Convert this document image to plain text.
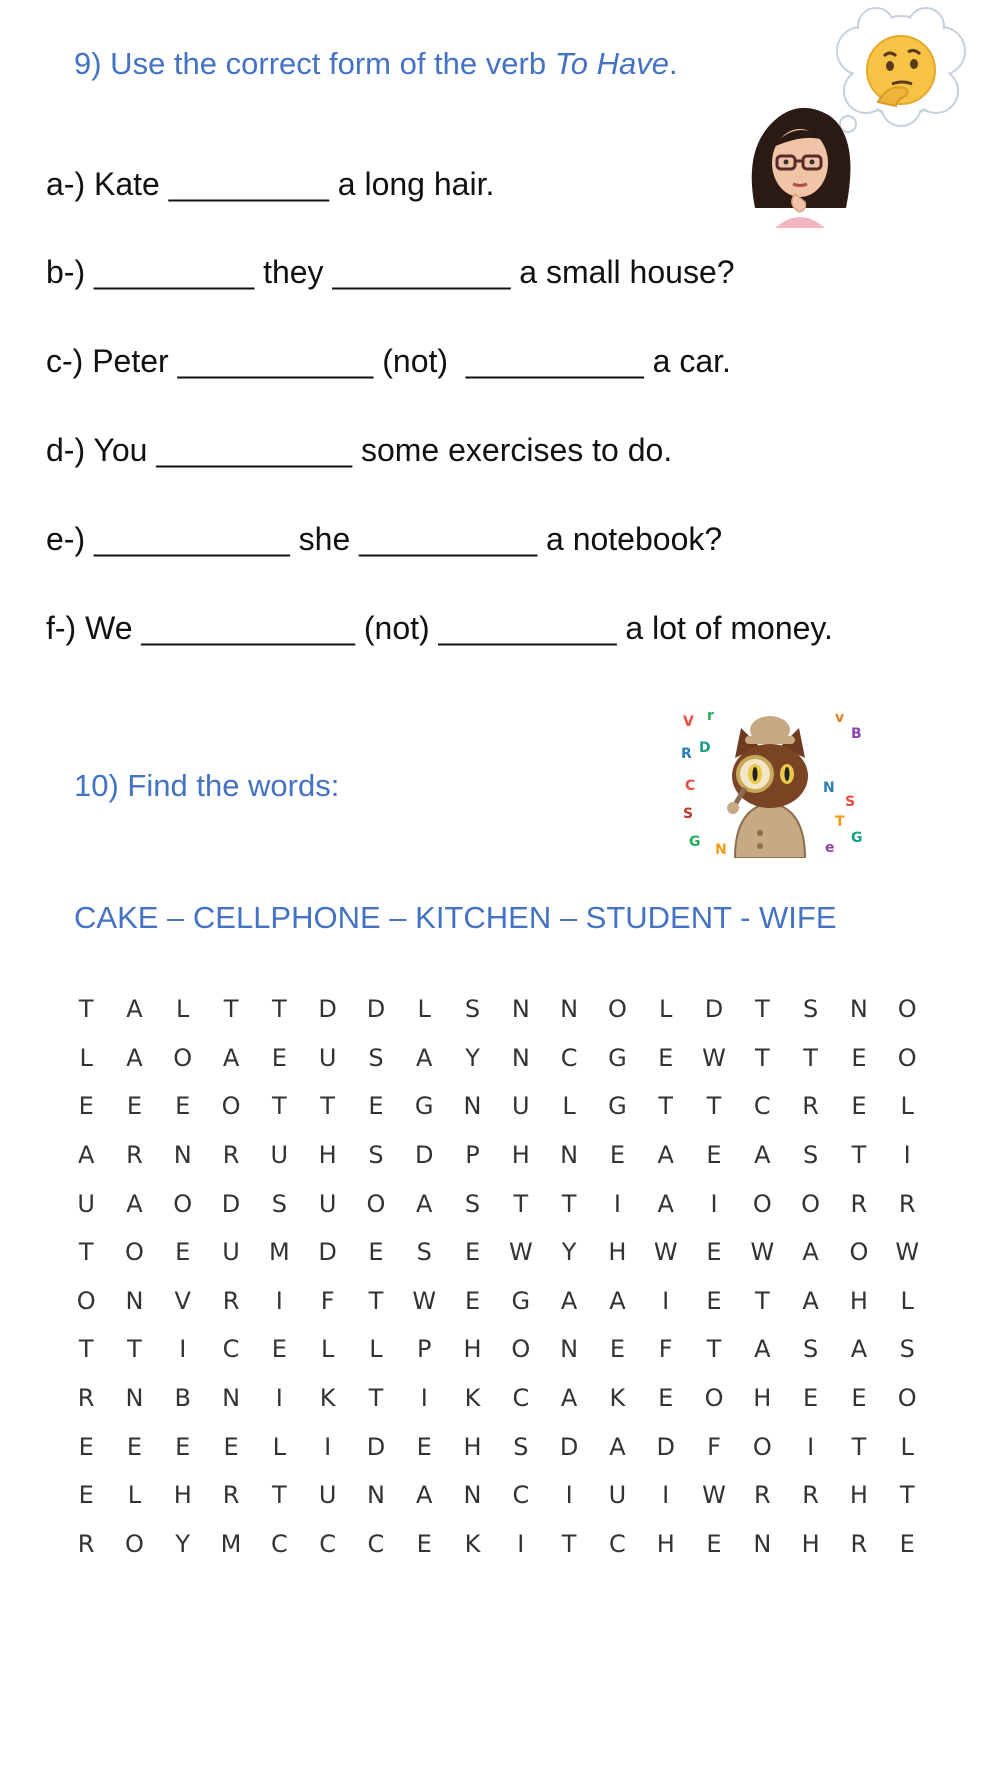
9) Use the correct form of the verb To Have.
a-) Kate _________ a long hair.
b-) _________ they __________ a small house?
c-) Peter ___________ (not)  __________ a car.
d-) You ___________ some exercises to do.
e-) ___________ she __________ a notebook?
f-) We ____________ (not) __________ a lot of money.
10) Find the words:
V r	v
B
R D
C
S
G N
N
S
T
G
e
CAKE – CELLPHONE – KITCHEN – STUDENT - WIFE
T	A	L	T	T	D	D	L	S	N	N	O	L	D	T	S	N	O
L	A	O	A	E	U	S	A	Y	N	C	G	E	W	T	T	E	O
E	E	E	O	T	T	E	G	N	U	L	G	T	T	C	R	E	L
A	R	N	R	U	H	S	D	P	H	N	E	A	E	A	S	T	I
U	A	O	D	S	U	O	A	S	T	T	I	A	I	O	O	R	R
T	O	E	U	M	D	E	S	E	W	Y	H	W	E	W	A	O	W
O	N	V	R	I	F	T	W	E	G	A	A	I	E	T	A	H	L
T	T	I	C	E	L	L	P	H	O	N	E	F	T	A	S	A	S
R	N	B	N	I	K	T	I	K	C	A	K	E	O	H	E	E	O
E	E	E	E	L	I	D	E	H	S	D	A	D	F	O	I	T	L
E	L	H	R	T	U	N	A	N	C	I	U	I	W	R	R	H	T
R	O	Y	M	C	C	C	E	K	I	T	C	H	E	N	H	R	E
